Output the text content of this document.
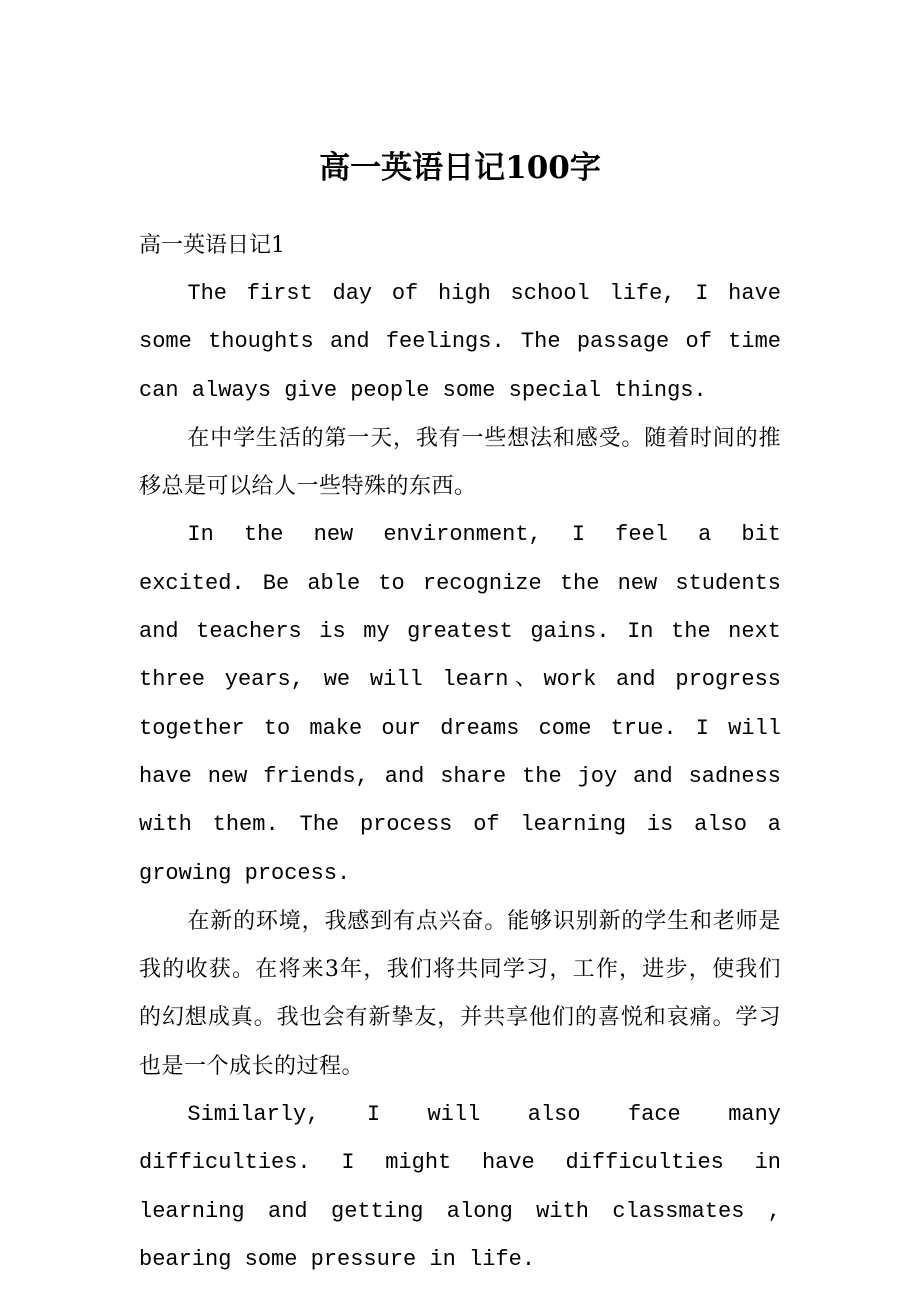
高一英语日记100字

高一英语日记1

The first day of high school life, I have some thoughts and feelings. The passage of time can always give people some special things.

在中学生活的第一天，我有一些想法和感受。随着时间的推移总是可以给人一些特殊的东西。

In the new environment, I feel a bit excited. Be able to recognize the new students and teachers is my greatest gains. In the next three years, we will learn、work and progress together to make our dreams come true. I will have new friends, and share the joy and sadness with them. The process of learning is also a growing process.

在新的环境，我感到有点兴奋。能够识别新的学生和老师是我的收获。在将来3年，我们将共同学习，工作，进步，使我们的幻想成真。我也会有新挚友，并共享他们的喜悦和哀痛。学习也是一个成长的过程。

Similarly, I will also face many difficulties. I might have difficulties in learning and getting along with classmates , bearing some pressure in life.
